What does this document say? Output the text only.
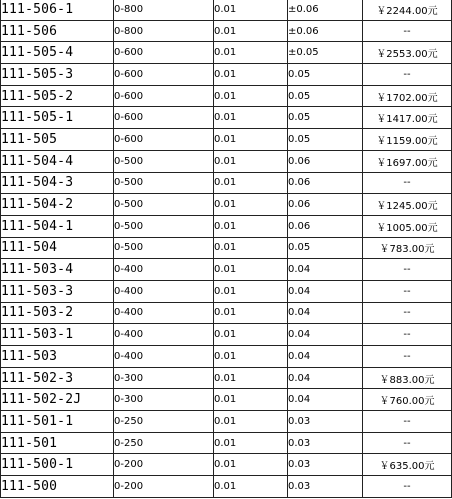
111-506-1	0-800	0.01	±0.06	￥2244.00元
111-506	0-800	0.01	±0.06	--
111-505-4	0-600	0.01	±0.05	￥2553.00元
111-505-3	0-600	0.01	0.05	--
111-505-2	0-600	0.01	0.05	￥1702.00元
111-505-1	0-600	0.01	0.05	￥1417.00元
111-505	0-600	0.01	0.05	￥1159.00元
111-504-4	0-500	0.01	0.06	￥1697.00元
111-504-3	0-500	0.01	0.06	--
111-504-2	0-500	0.01	0.06	￥1245.00元
111-504-1	0-500	0.01	0.06	￥1005.00元
111-504	0-500	0.01	0.05	￥783.00元
111-503-4	0-400	0.01	0.04	--
111-503-3	0-400	0.01	0.04	--
111-503-2	0-400	0.01	0.04	--
111-503-1	0-400	0.01	0.04	--
111-503	0-400	0.01	0.04	--
111-502-3	0-300	0.01	0.04	￥883.00元
111-502-2J	0-300	0.01	0.04	￥760.00元
111-501-1	0-250	0.01	0.03	--
111-501	0-250	0.01	0.03	--
111-500-1	0-200	0.01	0.03	￥635.00元
111-500	0-200	0.01	0.03	--
